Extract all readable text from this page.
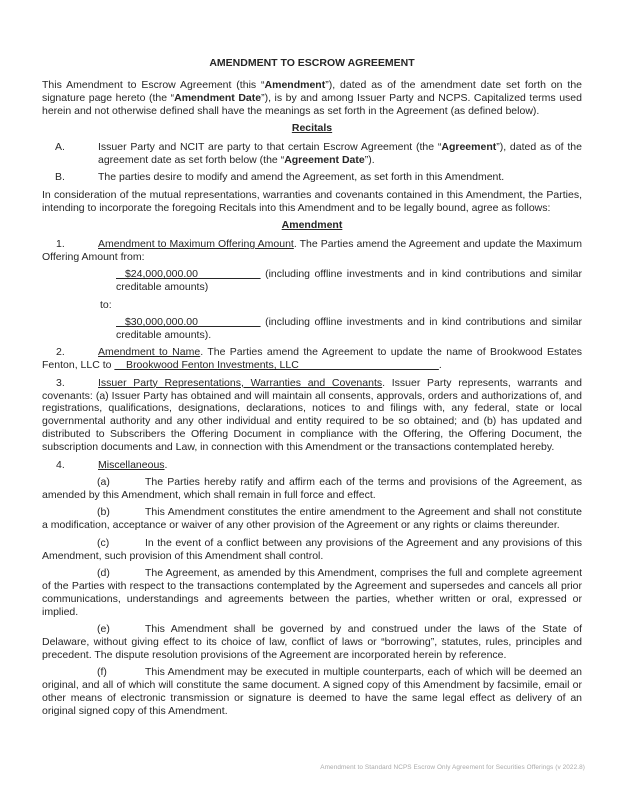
AMENDMENT TO ESCROW AGREEMENT

This Amendment to Escrow Agreement (this “Amendment”), dated as of the amendment date set forth on the signature page hereto (the “Amendment Date”), is by and among Issuer Party and NCPS. Capitalized terms used herein and not otherwise defined shall have the meanings as set forth in the Agreement (as defined below).

Recitals

A.	Issuer Party and NCIT are party to that certain Escrow Agreement (the “Agreement”), dated as of the agreement date as set forth below (the “Agreement Date”).

B.	The parties desire to modify and amend the Agreement, as set forth in this Amendment.

In consideration of the mutual representations, warranties and covenants contained in this Amendment, the Parties, intending to incorporate the foregoing Recitals into this Amendment and to be legally bound, agree as follows:

Amendment

1.	Amendment to Maximum Offering Amount. The Parties amend the Agreement and update the Maximum Offering Amount from:

$24,000,000.00               (including offline investments and in kind contributions and similar creditable amounts)

to:

$30,000,000.00               (including offline investments and in kind contributions and similar creditable amounts).

2.	Amendment to Name. The Parties amend the Agreement to update the name of Brookwood Estates Fenton, LLC to     Brookwood Fenton Investments, LLC                                                .

3.	Issuer Party Representations, Warranties and Covenants. Issuer Party represents, warrants and covenants: (a) Issuer Party has obtained and will maintain all consents, approvals, orders and authorizations of, and registrations, qualifications, designations, declarations, notices to and filings with, any federal, state or local governmental authority and any other individual and entity required to be so obtained; and (b) has updated and distributed to Subscribers the Offering Document in compliance with the Offering, the Offering Document, the subscription documents and Law, in connection with this Amendment or the transactions contemplated hereby.

4.	Miscellaneous.

(a)	The Parties hereby ratify and affirm each of the terms and provisions of the Agreement, as amended by this Amendment, which shall remain in full force and effect.

(b)	This Amendment constitutes the entire amendment to the Agreement and shall not constitute a modification, acceptance or waiver of any other provision of the Agreement or any rights or claims thereunder.

(c)	In the event of a conflict between any provisions of the Agreement and any provisions of this Amendment, such provision of this Amendment shall control.

(d)	The Agreement, as amended by this Amendment, comprises the full and complete agreement of the Parties with respect to the transactions contemplated by the Agreement and supersedes and cancels all prior communications, understandings and agreements between the parties, whether written or oral, expressed or implied.

(e)	This Amendment shall be governed by and construed under the laws of the State of Delaware, without giving effect to its choice of law, conflict of laws or “borrowing”, statutes, rules, principles and precedent. The dispute resolution provisions of the Agreement are incorporated herein by reference.

(f)	This Amendment may be executed in multiple counterparts, each of which will be deemed an original, and all of which will constitute the same document. A signed copy of this Amendment by facsimile, email or other means of electronic transmission or signature is deemed to have the same legal effect as delivery of an original signed copy of this Amendment.

Amendment to Standard NCPS Escrow Only Agreement for Securities Offerings (v 2022.8)
